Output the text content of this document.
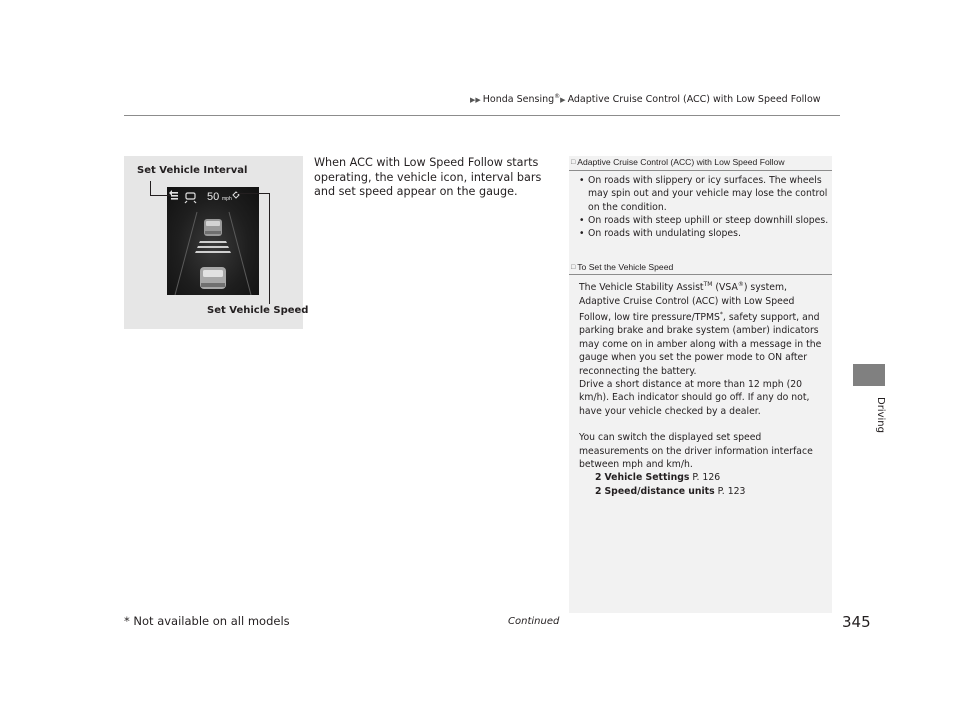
▶▶ Honda Sensing®▶ Adaptive Cruise Control (ACC) with Low Speed Follow
Driving
50 mph
Set Vehicle Interval
Set Vehicle Speed
When ACC with Low Speed Follow starts operating, the vehicle icon, interval bars and set speed appear on the gauge.
□ Adaptive Cruise Control (ACC) with Low Speed Follow
• On roads with slippery or icy surfaces. The wheels may spin out and your vehicle may lose the control on the condition.
• On roads with steep uphill or steep downhill slopes.
• On roads with undulating slopes.
□ To Set the Vehicle Speed

The Vehicle Stability Assist™ (VSA®) system, Adaptive Cruise Control (ACC) with Low Speed Follow, low tire pressure/TPMS*, safety support, and parking brake and brake system (amber) indicators may come on in amber along with a message in the gauge when you set the power mode to ON after reconnecting the battery.

Drive a short distance at more than 12 mph (20 km/h). Each indicator should go off. If any do not, have your vehicle checked by a dealer.

You can switch the displayed set speed measurements on the driver information interface between mph and km/h.

2 Vehicle Settings P. 126
2 Speed/distance units P. 123
* Not available on all models	Continued	345
